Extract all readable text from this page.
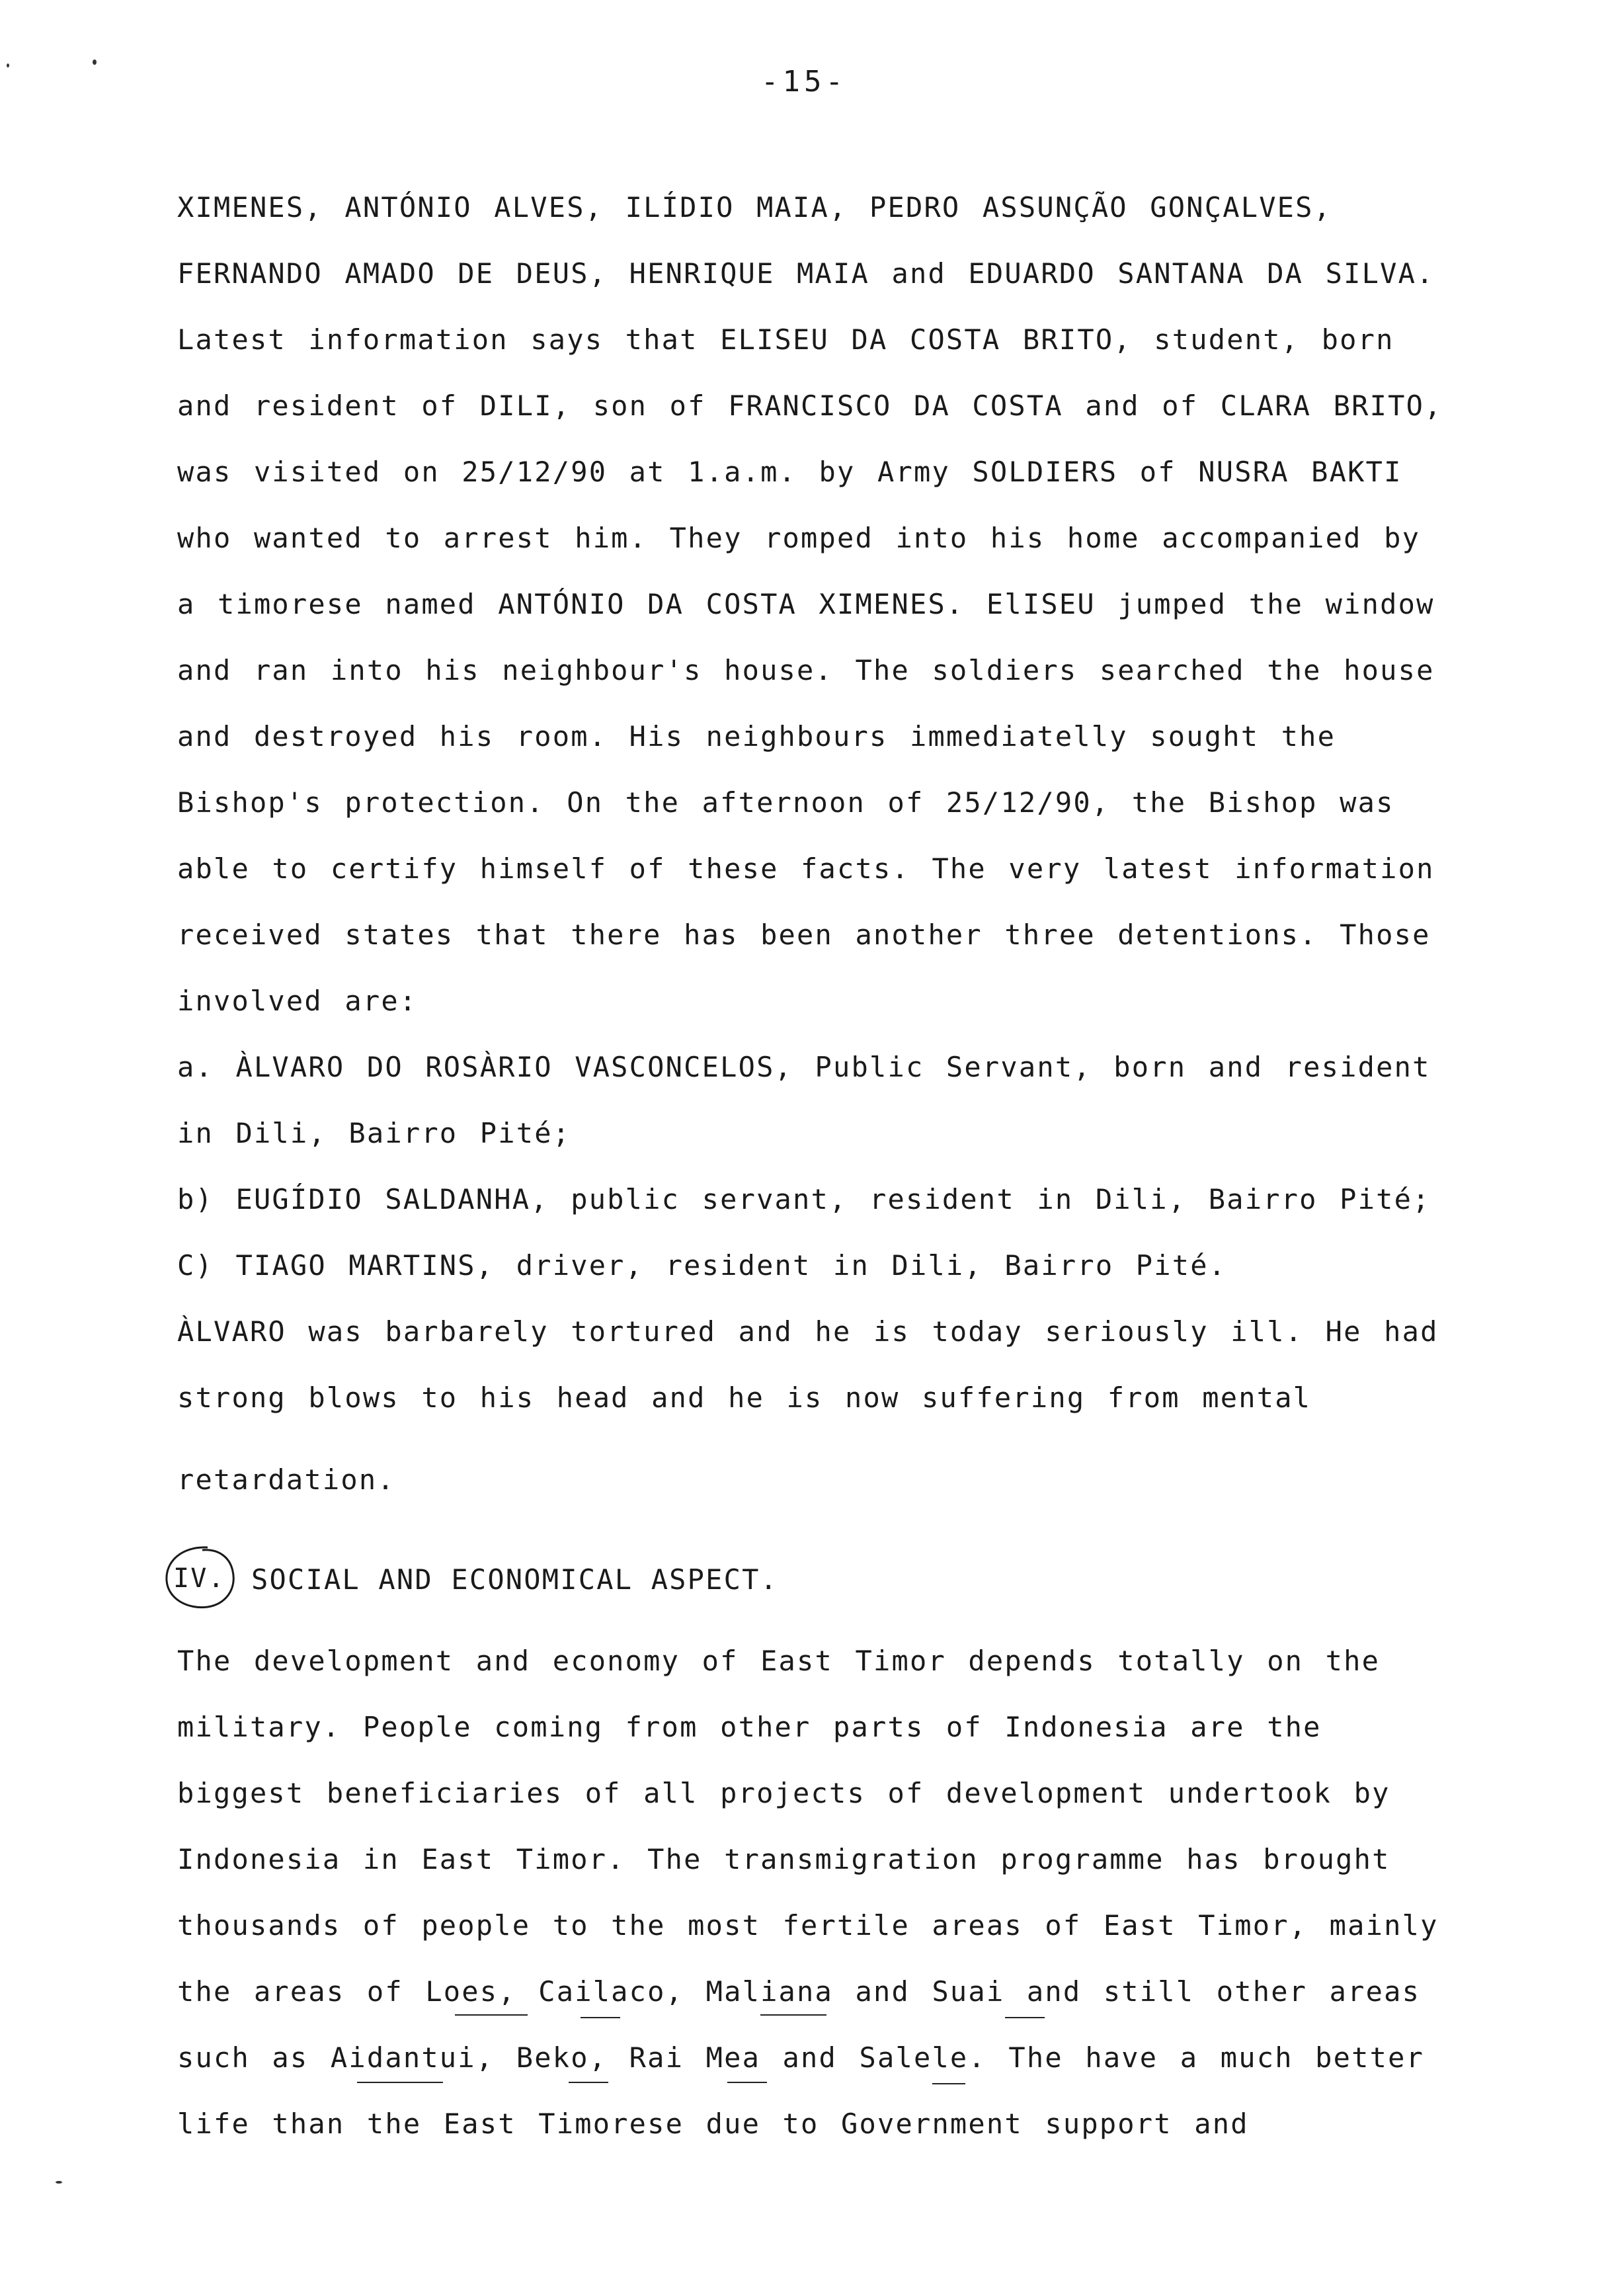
-15-
XIMENES, ANTÓNIO ALVES, ILÍDIO MAIA, PEDRO ASSUNÇÃO GONÇALVES,
FERNANDO AMADO DE DEUS, HENRIQUE MAIA and EDUARDO SANTANA DA SILVA.
Latest information says that ELISEU DA COSTA BRITO, student, born
and resident of DILI, son of FRANCISCO DA COSTA and of CLARA BRITO,
was visited on 25/12/90 at 1.a.m. by Army SOLDIERS of NUSRA BAKTI
who wanted to arrest him. They romped into his home accompanied by
a timorese named ANTÓNIO DA COSTA XIMENES. ElISEU jumped the window
and ran into his neighbour's house. The soldiers searched the house
and destroyed his room. His neighbours immediatelly sought the
Bishop's protection. On the afternoon of 25/12/90, the Bishop was
able to certify himself of these facts. The very latest information
received states that there has been another three detentions. Those
involved are:
a. ÀLVARO DO ROSÀRIO VASCONCELOS, Public Servant, born and resident
in Dili, Bairro Pité;
b) EUGÍDIO SALDANHA, public servant, resident in Dili, Bairro Pité;
C) TIAGO MARTINS, driver, resident in Dili, Bairro Pité.
ÀLVARO was barbarely tortured and he is today seriously ill. He had
strong blows to his head and he is now suffering from mental
retardation.
IV. SOCIAL AND ECONOMICAL ASPECT.
The development and economy of East Timor depends totally on the
military. People coming from other parts of Indonesia are the
biggest beneficiaries of all projects of development undertook by
Indonesia in East Timor. The transmigration programme has brought
thousands of people to the most fertile areas of East Timor, mainly
the areas of Loes, Cailaco, Maliana and Suai and still other areas
such as Aidantui, Beko, Rai Mea and Salele. The have a much better
life than the East Timorese due to Government support and
